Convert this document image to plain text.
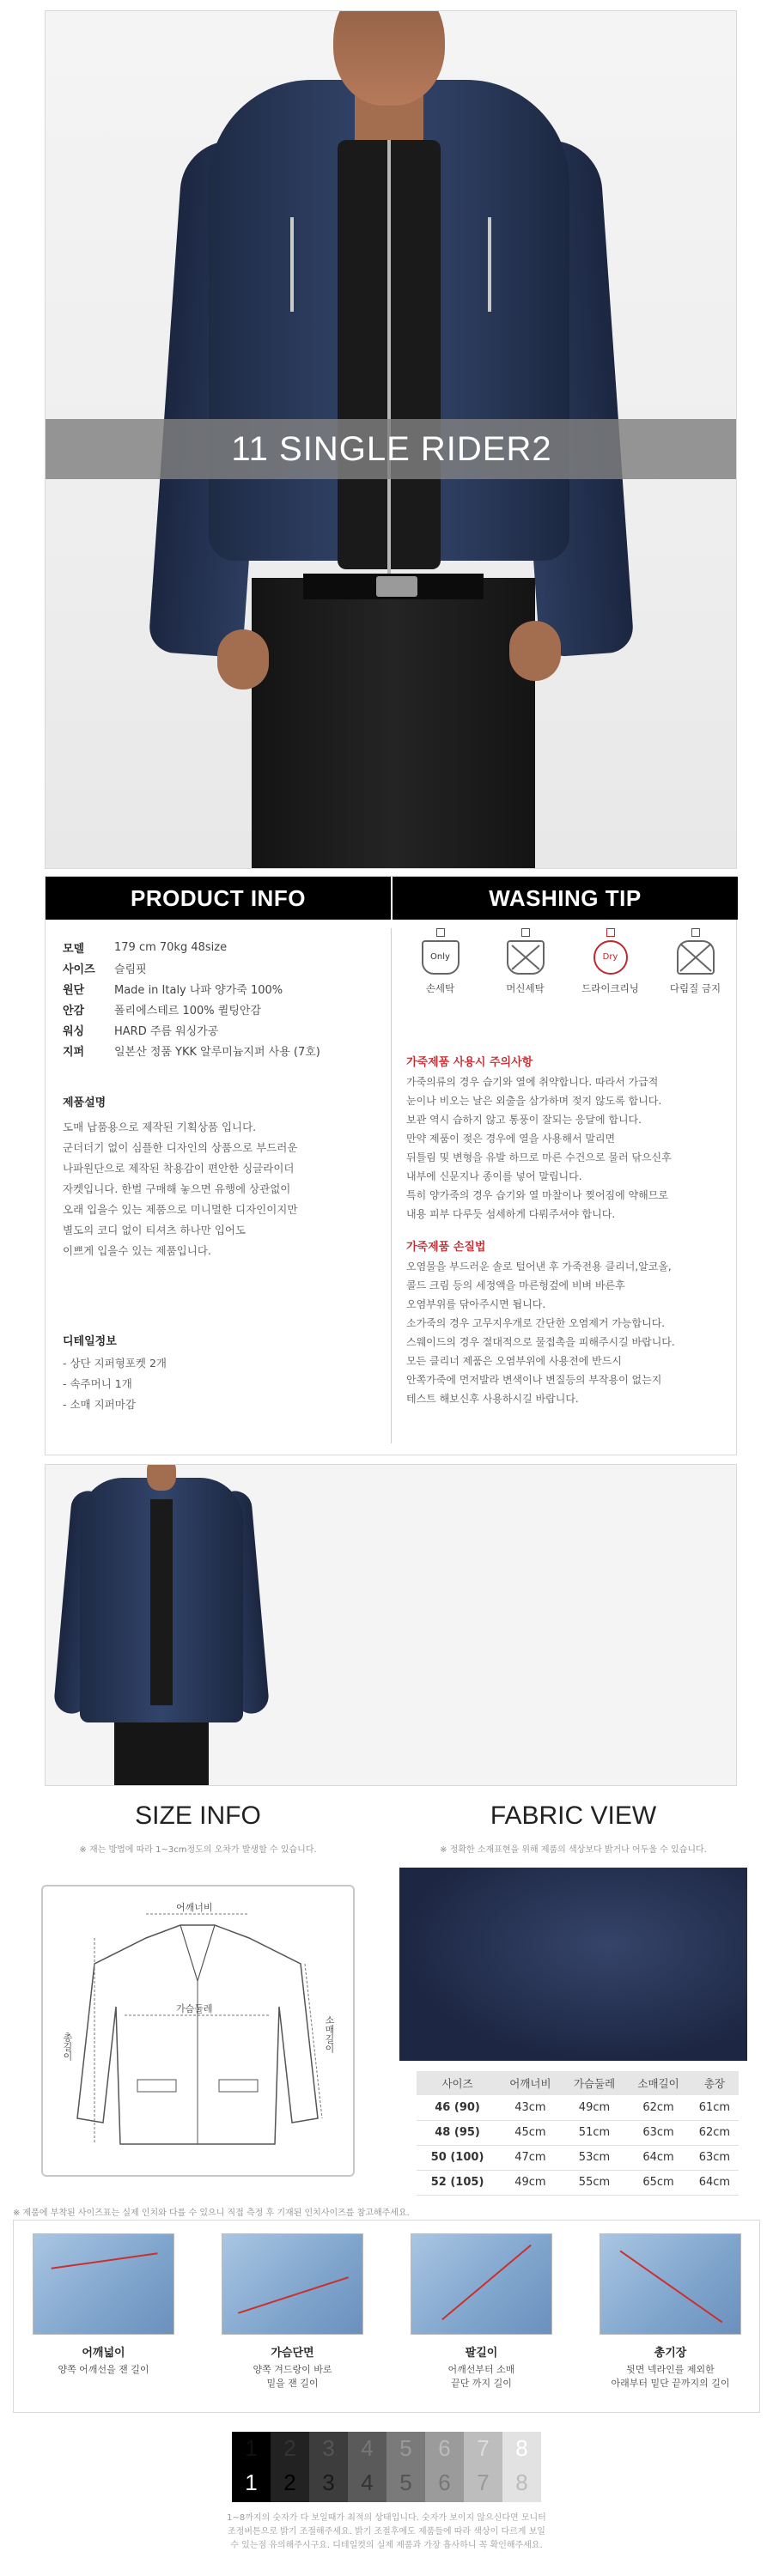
11 SINGLE RIDER2
PRODUCT INFO	WASHING TIP
모델	179 cm 70kg 48size
사이즈	슬림핏
원단	Made in Italy 나파 양가죽 100%
안감	폴리에스테르 100% 퀼팅안감
워싱	HARD 주름 워싱가공
지퍼	일본산 정품 YKK 알루미늄지퍼 사용 (7호)
제품설명
도매 납품용으로 제작된 기획상품 입니다.
군더더기 없이 심플한 디자인의 상품으로 부드러운
나파원단으로 제작된 착용감이 편안한 싱글라이더
자켓입니다. 한벌 구매해 놓으면 유행에 상관없이
오래 입을수 있는 제품으로 미니멀한 디자인이지만
별도의 코디 없이 티셔츠 하나만 입어도
이쁘게 입을수 있는 제품입니다.
디테일정보
- 상단 지퍼형포켓 2개
- 속주머니 1개
- 소매 지퍼마감
Only
손세탁	머신세탁
Dry
드라이크리닝	다림질 금지
가죽제품 사용시 주의사항
가죽의류의 경우 습기와 열에 취약합니다. 따라서 가급적
눈이나 비오는 날은 외출을 삼가하며 젖지 않도록 합니다.
보관 역시 습하지 않고 통풍이 잘되는 응달에 합니다.
만약 제품이 젖은 경우에 열을 사용해서 말리면
뒤틀림 및 변형을 유발 하므로 마른 수건으로 물러 닦으신후
내부에 신문지나 종이를 넣어 말립니다.
특히 양가죽의 경우 습기와 열 마찰이나 찢어짐에 약해므로
내용 피부 다루듯 섬세하게 다뤄주셔야 합니다.
가죽제품 손질법
오염물을 부드러운 솔로 털어낸 후 가죽전용 클리너,알코올,
콜드 크림 등의 세정액을 마른헝겊에 비벼 바른후
오염부위를 닦아주시면 됩니다.
소가죽의 경우 고무지우개로 간단한 오염제거 가능합니다.
스웨이드의 경우 절대적으로 물접촉을 피해주시길 바랍니다.
모든 클리너 제품은 오염부위에 사용전에 반드시
안쪽가죽에 먼저발라 변색이나 변질등의 부작용이 없는지
테스트 해보신후 사용하시길 바랍니다.
SIZE INFO
※ 재는 방법에 따라 1~3cm정도의 오차가 발생할 수 있습니다.
FABRIC VIEW
※ 정확한 소재표현을 위해 제품의 색상보다 밝거나 어두울 수 있습니다.
어깨너비
가슴둘레
총길이	소매길이
사이즈	어깨너비	가슴둘레	소매길이	총장
46 (90)	43cm	49cm	62cm	61cm
48 (95)	45cm	51cm	63cm	62cm
50 (100)	47cm	53cm	64cm	63cm
52 (105)	49cm	55cm	65cm	64cm
※ 제품에 부착된 사이즈표는 실제 인치와 다를 수 있으니 직접 측정 후 기재된 인치사이즈를 참고해주세요.
어깨넓이
양쪽 어깨선을 잰 길이
가슴단면
양쪽 겨드랑이 바로
밑을 잰 길이
팔길이
어깨선부터 소매
끝단 까지 길이
총기장
뒷면 넥라인를 제외한
아래부터 밑단 끝까지의 길이
1
1
2
2
3
3
4
4
5
5
6
6
7
7
8
8
1~8까지의 숫자가 다 보일때가 최적의 상태입니다. 숫자가 보이지 않으신다면 모니터
조정버튼으로 밝기 조절해주세요. 밝기 조절후에도 제품들에 따라 색상이 다르게 보일
수 있는점 유의해주시구요. 디테일컷의 실제 제품과 가장 흡사하니 꼭 확인해주세요.
